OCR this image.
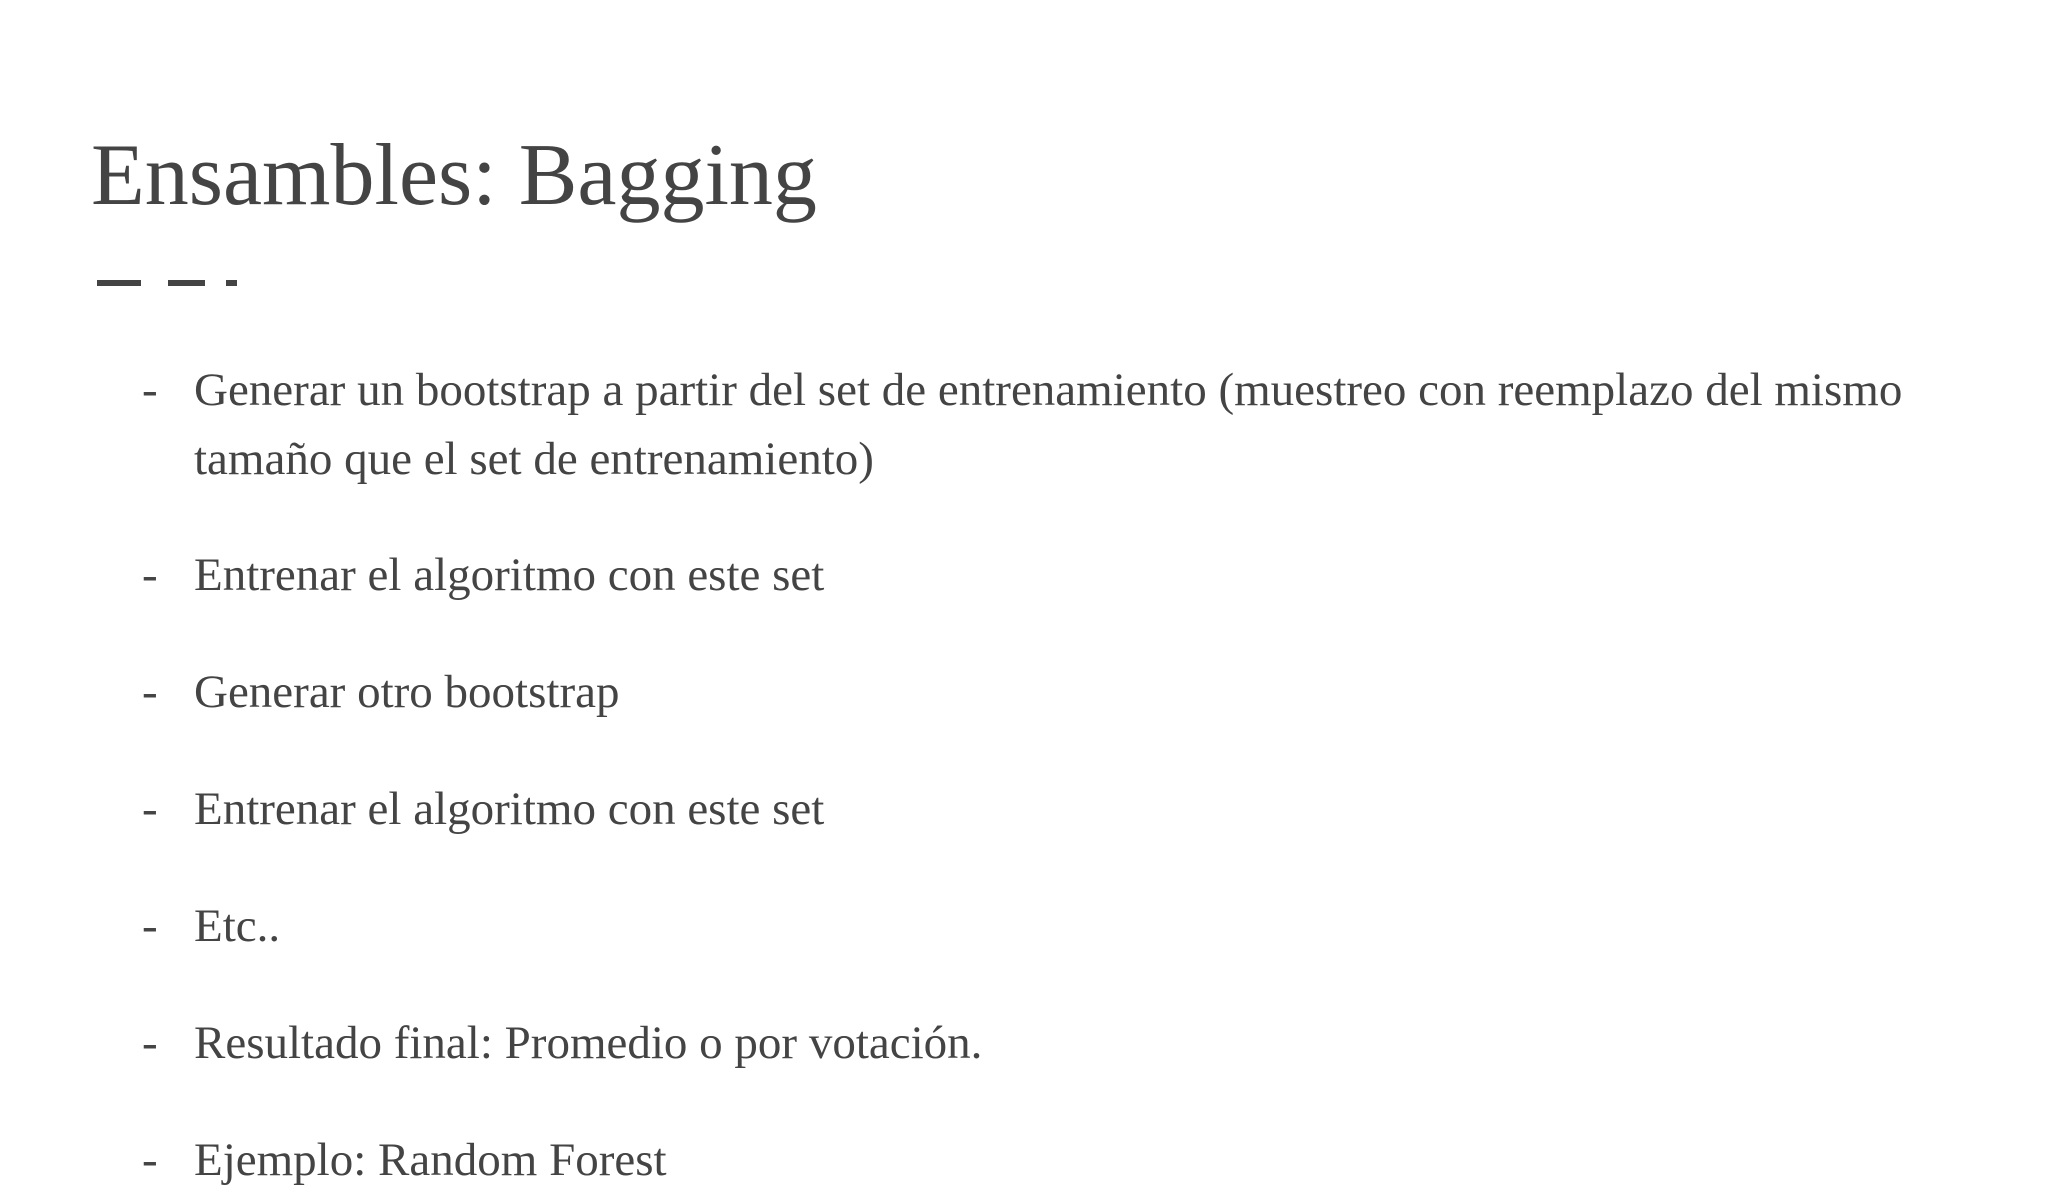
Ensambles: Bagging
- Generar un bootstrap a partir del set de entrenamiento (muestreo con reemplazo del mismo tamaño que el set de entrenamiento)
- Entrenar el algoritmo con este set
- Generar otro bootstrap
- Entrenar el algoritmo con este set
- Etc..
- Resultado final: Promedio o por votación.
- Ejemplo: Random Forest
